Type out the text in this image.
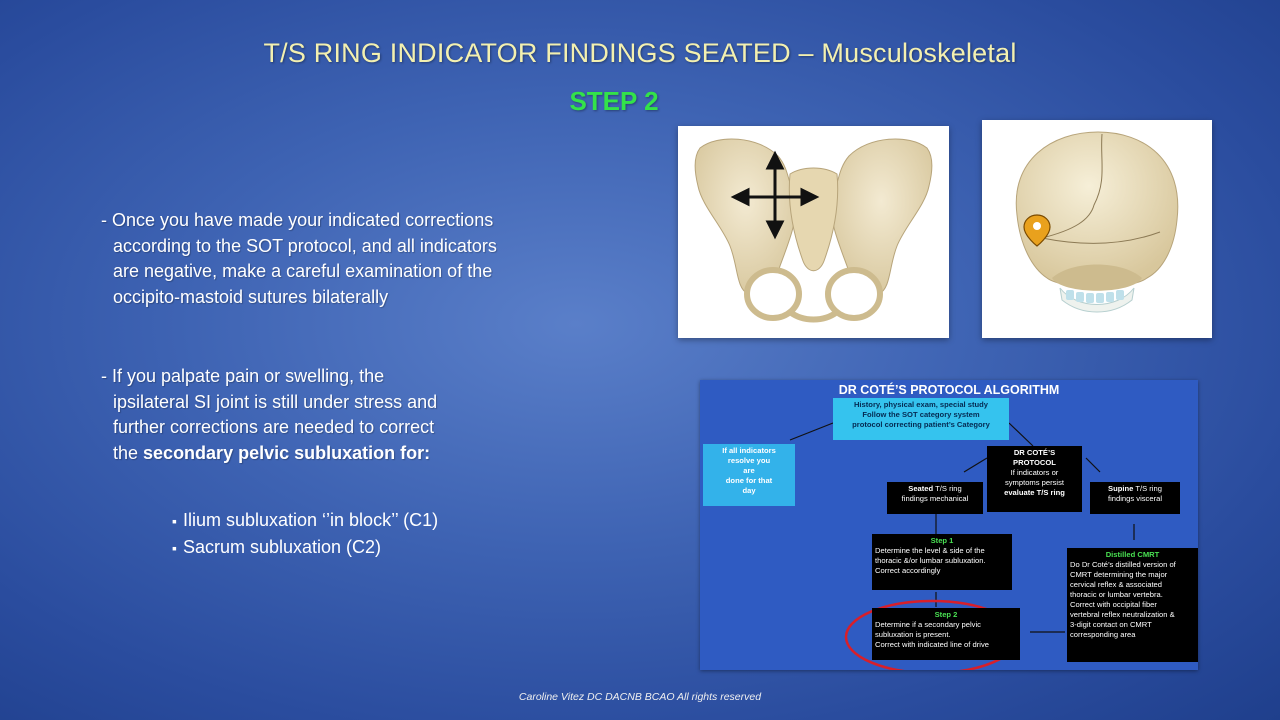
T/S RING INDICATOR FINDINGS SEATED – Musculoskeletal
STEP 2

- Once you have made your indicated corrections

according to the SOT protocol, and all indicators

are negative, make a careful examination of the

occipito-mastoid sutures bilaterally

- If you palpate pain or swelling, the

ipsilateral SI joint is still under stress and

further corrections are needed to correct

the secondary pelvic subluxation for:

▪ Ilium subluxation ‘’in block’’ (C1)
▪ Sacrum subluxation (C2)
DR COTÉ’S PROTOCOL ALGORITHM
History, physical exam, special study
Follow the SOT category system
protocol correcting patient’s Category
If all indicators
resolve you
are
done for that
day
DR COTÉ’S
PROTOCOL
If indicators or
symptoms persist
evaluate T/S ring
Seated T/S ring
findings mechanical
Supine T/S ring
findings visceral
Step 1
Determine the level & side of the
thoracic &/or lumbar subluxation.
Correct accordingly
Step 2
Determine if a secondary pelvic
subluxation is present.
Correct with indicated line of drive
Distilled CMRT
Do Dr Coté’s distilled version of
CMRT determining the major
cervical reflex & associated
thoracic or lumbar vertebra.
Correct with occipital fiber
vertebral reflex neutralization &
3-digit contact on CMRT
corresponding area
Caroline Vitez DC DACNB BCAO All rights reserved
